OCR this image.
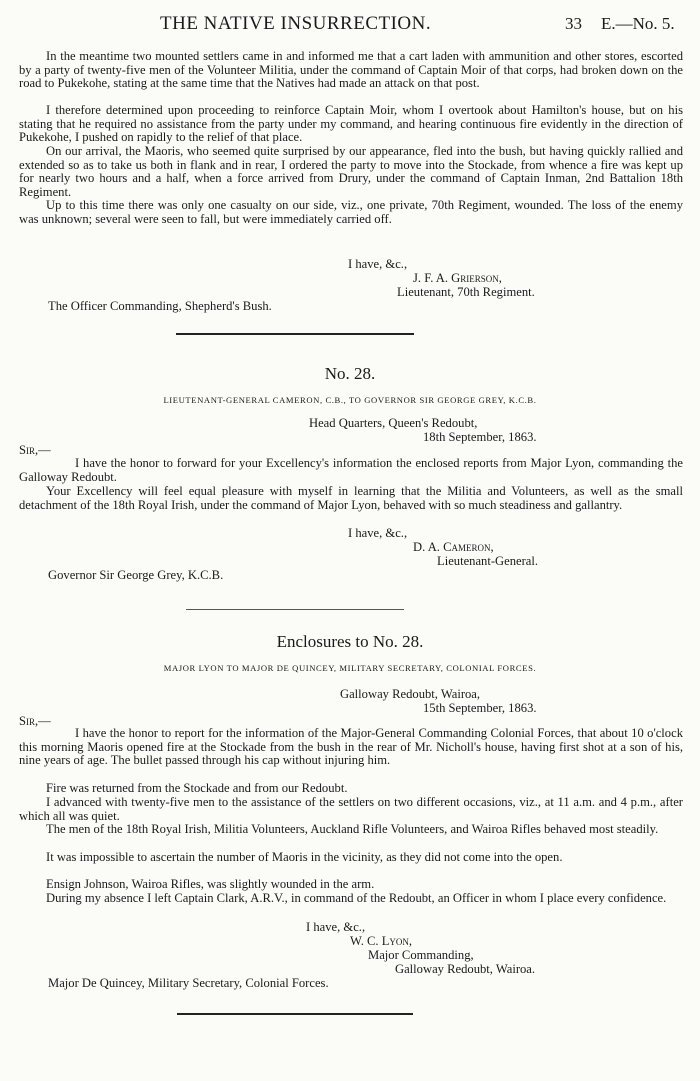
THE NATIVE INSURRECTION.	33 E.—No. 5.

In the meantime two mounted settlers came in and informed me that a cart laden with ammunition and other stores, escorted by a party of twenty-five men of the Volunteer Militia, under the command of Captain Moir of that corps, had broken down on the road to Pukekohe, stating at the same time that the Natives had made an attack on that post.

I therefore determined upon proceeding to reinforce Captain Moir, whom I overtook about Hamilton's house, but on his stating that he required no assistance from the party under my command, and hearing continuous fire evidently in the direction of Pukekohe, I pushed on rapidly to the relief of that place.

On our arrival, the Maoris, who seemed quite surprised by our appearance, fled into the bush, but having quickly rallied and extended so as to take us both in flank and in rear, I ordered the party to move into the Stockade, from whence a fire was kept up for nearly two hours and a half, when a force arrived from Drury, under the command of Captain Inman, 2nd Battalion 18th Regiment.

Up to this time there was only one casualty on our side, viz., one private, 70th Regiment, wounded. The loss of the enemy was unknown; several were seen to fall, but were immediately carried off.

I have, &c.,
J. F. A. Grierson,
Lieutenant, 70th Regiment.
The Officer Commanding, Shepherd's Bush.
No. 28.
LIEUTENANT-GENERAL CAMERON, C.B., TO GOVERNOR SIR GEORGE GREY, K.C.B.
Head Quarters, Queen's Redoubt,
18th September, 1863.
Sir,—

I have the honor to forward for your Excellency's information the enclosed reports from Major Lyon, commanding the Galloway Redoubt.

Your Excellency will feel equal pleasure with myself in learning that the Militia and Volunteers, as well as the small detachment of the 18th Royal Irish, under the command of Major Lyon, behaved with so much steadiness and gallantry.

I have, &c.,
D. A. Cameron,
Lieutenant-General.
Governor Sir George Grey, K.C.B.
Enclosures to No. 28.
MAJOR LYON TO MAJOR DE QUINCEY, MILITARY SECRETARY, COLONIAL FORCES.
Galloway Redoubt, Wairoa,
15th September, 1863.
Sir,—

I have the honor to report for the information of the Major-General Commanding Colonial Forces, that about 10 o'clock this morning Maoris opened fire at the Stockade from the bush in the rear of Mr. Nicholl's house, having first shot at a son of his, nine years of age. The bullet passed through his cap without injuring him.

Fire was returned from the Stockade and from our Redoubt.

I advanced with twenty-five men to the assistance of the settlers on two different occasions, viz., at 11 a.m. and 4 p.m., after which all was quiet.

The men of the 18th Royal Irish, Militia Volunteers, Auckland Rifle Volunteers, and Wairoa Rifles behaved most steadily.

It was impossible to ascertain the number of Maoris in the vicinity, as they did not come into the open.

Ensign Johnson, Wairoa Rifles, was slightly wounded in the arm.

During my absence I left Captain Clark, A.R.V., in command of the Redoubt, an Officer in whom I place every confidence.

I have, &c.,
W. C. Lyon,
Major Commanding,
Galloway Redoubt, Wairoa.
Major De Quincey, Military Secretary, Colonial Forces.
